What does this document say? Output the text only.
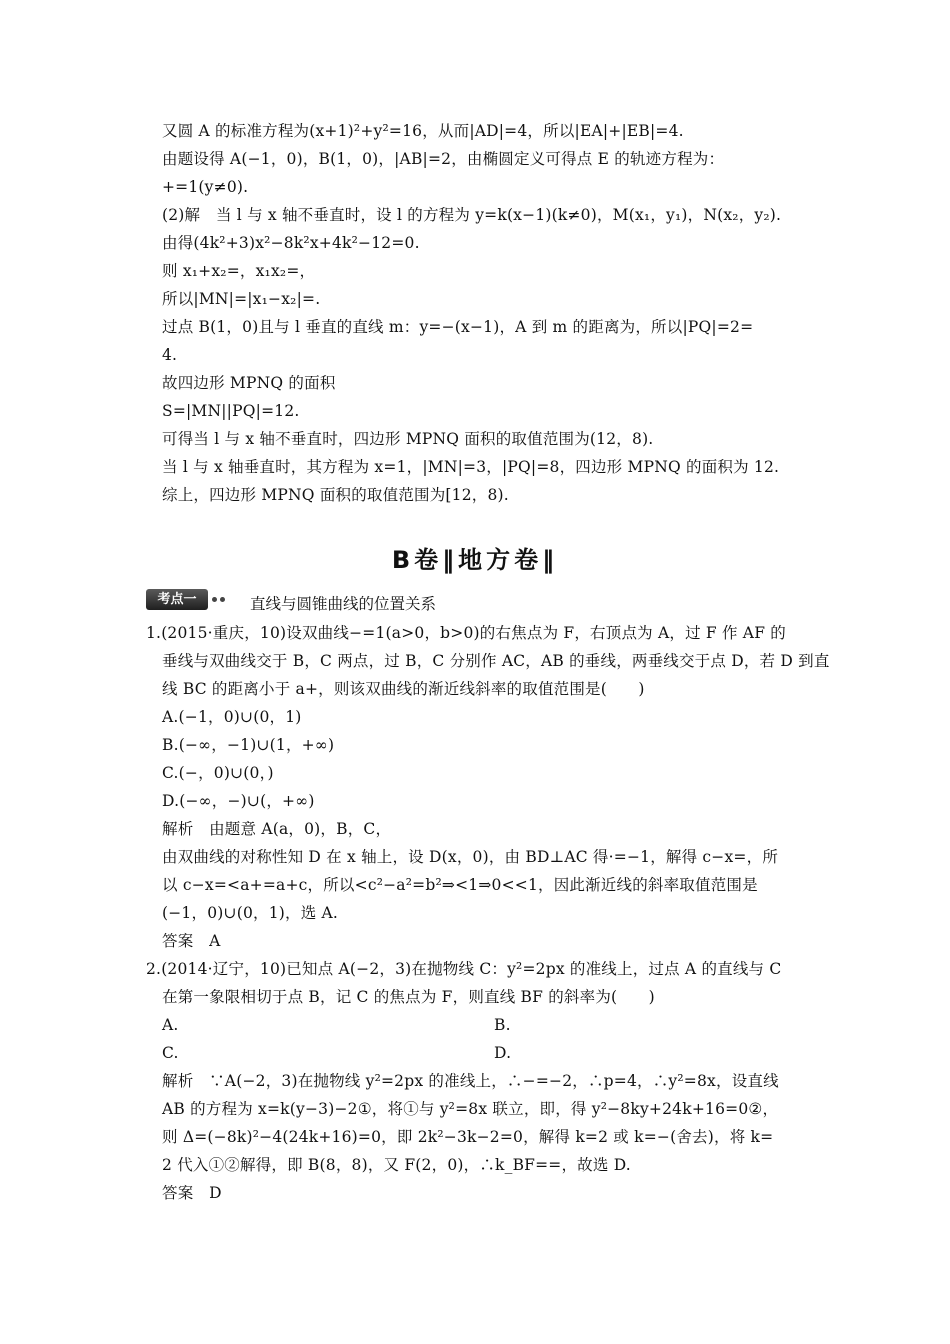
又圆 A 的标准方程为(x+1)²+y²=16，从而|AD|=4，所以|EA|+|EB|=4.
由题设得 A(−1，0)，B(1，0)，|AB|=2，由椭圆定义可得点 E 的轨迹方程为：
+=1(y≠0).
(2)解　当 l 与 x 轴不垂直时，设 l 的方程为 y=k(x−1)(k≠0)，M(x₁，y₁)，N(x₂，y₂).
由得(4k²+3)x²−8k²x+4k²−12=0.
则 x₁+x₂=，x₁x₂=，
所以|MN|=|x₁−x₂|=.
过点 B(1，0)且与 l 垂直的直线 m：y=−(x−1)，A 到 m 的距离为，所以|PQ|=2=
4.
故四边形 MPNQ 的面积
S=|MN||PQ|=12.
可得当 l 与 x 轴不垂直时，四边形 MPNQ 面积的取值范围为(12，8).
当 l 与 x 轴垂直时，其方程为 x=1，|MN|=3，|PQ|=8，四边形 MPNQ 的面积为 12.
综上，四边形 MPNQ 面积的取值范围为[12，8).
B卷‖地方卷‖
考点一	直线与圆锥曲线的位置关系
1.(2015·重庆，10)设双曲线−=1(a>0，b>0)的右焦点为 F，右顶点为 A，过 F 作 AF 的
垂线与双曲线交于 B，C 两点，过 B，C 分别作 AC，AB 的垂线，两垂线交于点 D，若 D 到直
线 BC 的距离小于 a+，则该双曲线的渐近线斜率的取值范围是(　　)
A.(−1，0)∪(0，1)
B.(−∞，−1)∪(1，+∞)
C.(−，0)∪(0，)
D.(−∞，−)∪(，+∞)
解析　由题意 A(a，0)，B，C，
由双曲线的对称性知 D 在 x 轴上，设 D(x，0)，由 BD⊥AC 得·=−1，解得 c−x=，所
以 c−x=<a+=a+c，所以<c²−a²=b²⇒<1⇒0<<1，因此渐近线的斜率取值范围是
(−1，0)∪(0，1)，选 A.
答案　A
2.(2014·辽宁，10)已知点 A(−2，3)在抛物线 C：y²=2px 的准线上，过点 A 的直线与 C
在第一象限相切于点 B，记 C 的焦点为 F，则直线 BF 的斜率为(　　)
A.	B.
C.	D.
解析　∵A(−2，3)在抛物线 y²=2px 的准线上，∴−=−2，∴p=4，∴y²=8x，设直线
AB 的方程为 x=k(y−3)−2①，将①与 y²=8x 联立，即，得 y²−8ky+24k+16=0②，
则 Δ=(−8k)²−4(24k+16)=0，即 2k²−3k−2=0，解得 k=2 或 k=−(舍去)，将 k=
2 代入①②解得，即 B(8，8)，又 F(2，0)，∴k_BF==，故选 D.
答案　D
